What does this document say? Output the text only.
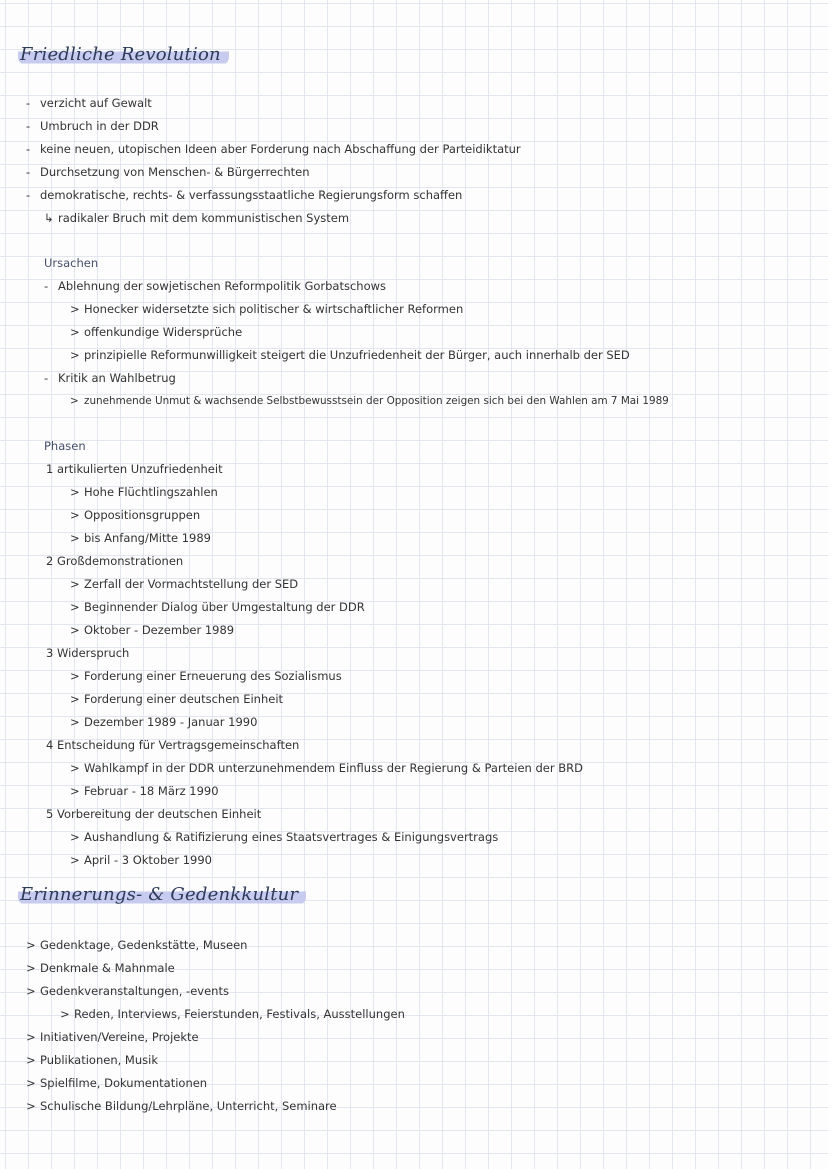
Friedliche Revolution
- verzicht auf Gewalt
- Umbruch in der DDR
- keine neuen, utopischen Ideen aber Forderung nach Abschaffung der Parteidiktatur
- Durchsetzung von Menschen- & Bürgerrechten
- demokratische, rechts- & verfassungsstaatliche Regierungsform schaffen
↳ radikaler Bruch mit dem kommunistischen System
Ursachen
- Ablehnung der sowjetischen Reformpolitik Gorbatschows
> Honecker widersetzte sich politischer & wirtschaftlicher Reformen
> offenkundige Widersprüche
> prinzipielle Reformunwilligkeit steigert die Unzufriedenheit der Bürger, auch innerhalb der SED
- Kritik an Wahlbetrug
> zunehmende Unmut & wachsende Selbstbewusstsein der Opposition zeigen sich bei den Wahlen am 7 Mai 1989
Phasen
1 artikulierten Unzufriedenheit
> Hohe Flüchtlingszahlen
> Oppositionsgruppen
> bis Anfang/Mitte 1989
2 Großdemonstrationen
> Zerfall der Vormachtstellung der SED
> Beginnender Dialog über Umgestaltung der DDR
> Oktober - Dezember 1989
3 Widerspruch
> Forderung einer Erneuerung des Sozialismus
> Forderung einer deutschen Einheit
> Dezember 1989 - Januar 1990
4 Entscheidung für Vertragsgemeinschaften
> Wahlkampf in der DDR unterzunehmendem Einfluss der Regierung & Parteien der BRD
> Februar - 18 März 1990
5 Vorbereitung der deutschen Einheit
> Aushandlung & Ratifizierung eines Staatsvertrages & Einigungsvertrags
> April - 3 Oktober 1990
Erinnerungs- & Gedenkkultur
> Gedenktage, Gedenkstätte, Museen
> Denkmale & Mahnmale
> Gedenkveranstaltungen, -events
> Reden, Interviews, Feierstunden, Festivals, Ausstellungen
> Initiativen/Vereine, Projekte
> Publikationen, Musik
> Spielfilme, Dokumentationen
> Schulische Bildung/Lehrpläne, Unterricht, Seminare
